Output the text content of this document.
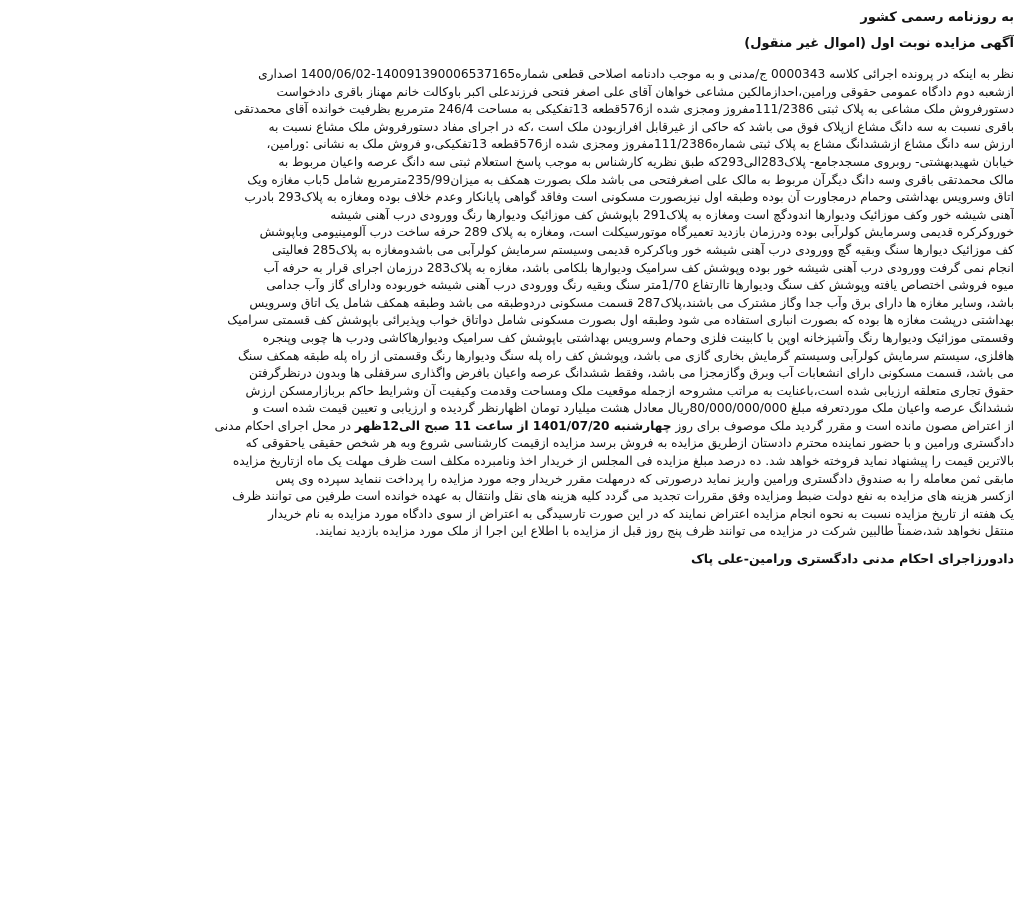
به روزنامه رسمی کشور
آگهی مزایده نوبت اول (اموال غیر منقول)
نظر به اینکه در پرونده اجرائی کلاسه 0000343 ج/مدنی و به موجب دادنامه اصلاحی قطعی شماره140091390006537165-1400/06/02 اصداری
ازشعبه دوم دادگاه عمومی حقوقی ورامین،احدازمالکین مشاعی خواهان آقای علی اصغر فتحی فرزندعلی اکبر باوکالت خانم مهناز باقری دادخواست
دستورفروش ملک مشاعی به پلاک ثبتی 111/2386مفروز ومجزی شده از576قطعه 13تفکیکی به مساحت 246/4 مترمربع بظرفیت خوانده آقای محمدتقی
باقری نسبت به سه دانگ مشاع ازپلاک فوق می باشد که حاکی از غیرقابل افرازبودن ملک است ،که در اجرای مفاد دستورفروش ملک مشاع نسبت به
ارزش سه دانگ مشاع ازششدانگ مشاع به پلاک ثبتی شماره111/2386مفروز ومجزی شده از576قطعه 13تفکیکی،و فروش ملک به نشانی :ورامین،
خیابان شهیدبهشتی- روبروی مسجدجامع- پلاک283الی293که طبق نظریه کارشناس به موجب پاسخ استعلام ثبتی سه دانگ عرصه واعیان مربوط به
مالک محمدتقی باقری وسه دانگ دیگرآن مربوط به مالک علی اصغرفتحی می باشد ملک بصورت همکف به میزان235/99مترمربع شامل 5باب مغازه ویک
اتاق وسرویس بهداشتی وحمام درمجاورت آن بوده وطبقه اول نیزبصورت مسکونی است وفاقد گواهی پایانکار وعدم خلاف بوده ومغازه به پلاک293 بادرب
آهنی شیشه خور وکف موزائیک ودیوارها اندودگچ است ومغازه به پلاک291 باپوشش کف موزائیک ودیوارها رنگ وورودی درب آهنی شیشه
خوروکرکره قدیمی وسرمایش کولرآبی بوده ودرزمان بازدید تعمیرگاه موتورسیکلت است، ومغازه به پلاک 289 حرفه ساخت درب آلومینیومی وباپوشش
کف موزائیک دیوارها سنگ وبقیه گچ وورودی درب آهنی شیشه خور وباکرکره قدیمی وسیستم سرمایش کولرآبی می باشدومغازه به پلاک285 فعالیتی
انجام نمی گرفت وورودی درب آهنی شیشه خور بوده وپوشش کف سرامیک ودیوارها بلکامی باشد، مغازه به پلاک283 درزمان اجرای قرار به حرفه آب
میوه فروشی اختصاص یافته وپوشش کف سنگ ودیوارها تاارتفاع 1/70متر سنگ وبقیه رنگ وورودی درب آهنی شیشه خوربوده ودارای گاز وآب جدامی
باشد، وسایر مغازه ها دارای برق وآب جدا وگاز مشترک می باشند،پلاک287 قسمت مسکونی دردوطبقه می باشد وطبقه همکف شامل یک اتاق وسرویس
بهداشتی درپشت مغازه ها بوده که بصورت انباری استفاده می شود وطبقه اول بصورت مسکونی شامل دواتاق خواب وپذیرائی باپوشش کف قسمتی سرامیک
وقسمتی موزائیک ودیوارها رنگ وآشپزخانه اوپن با کابینت فلزی وحمام وسرویس بهداشتی باپوشش کف سرامیک ودیوارهاکاشی ودرب ها چوبی وپنجره
هافلزی، سیستم سرمایش کولرآبی وسیستم گرمایش بخاری گازی می باشد، وپوشش کف راه پله سنگ ودیوارها رنگ وقسمتی از راه پله طبقه همکف سنگ
می باشد، قسمت مسکونی دارای انشعابات آب وبرق وگازمجزا می باشد، وفقط ششدانگ عرصه واعیان بافرض واگذاری سرقفلی ها وبدون درنظرگرفتن
حقوق تجاری متعلقه ارزیابی شده است،باعنایت به مراتب مشروحه ازجمله موقعیت ملک ومساحت وقدمت وکیفیت آن وشرایط حاکم بربازارمسکن ارزش
ششدانگ عرصه واعیان ملک موردتعرفه مبلغ 80/000/000/000ریال معادل هشت میلیارد تومان اظهارنظر گردیده و ارزیابی و تعیین قیمت شده است و
از اعتراض مصون مانده است و مقرر گردید ملک موصوف برای روز چهارشنبه 1401/07/20 از ساعت 11 صبح الی12ظهر در محل اجرای احکام مدنی
دادگستری ورامین و با حضور نماینده محترم دادستان ازطریق مزایده به فروش برسد مزایده ازقیمت کارشناسی شروع وبه هر شخص حقیقی یاحقوقی که
بالاترین قیمت را پیشنهاد نماید فروخته خواهد شد. ده درصد مبلغ مزایده فی المجلس از خریدار اخذ ونامبرده مکلف است ظرف مهلت یک ماه ازتاریخ مزایده
مابقی ثمن معامله را به صندوق دادگستری ورامین واریز نماید درصورتی که درمهلت مقرر خریدار وجه مورد مزایده را پرداخت ننماید سپرده وی پس
ازکسر هزینه های مزایده به نفع دولت ضبط ومزایده وفق مقررات تجدید می گردد کلیه هزینه های نقل وانتقال به عهده خوانده است طرفین می توانند ظرف
یک هفته از تاریخ مزایده نسبت به نحوه انجام مزایده اعتراض نمایند که در این صورت تارسیدگی به اعتراض از سوی دادگاه مورد مزایده به نام خریدار
منتقل نخواهد شد،ضمناً طالبین شرکت در مزایده می توانند ظرف پنج روز قبل از مزایده با اطلاع این اجرا از ملک مورد مزایده بازدید نمایند.
دادورزاجرای احکام مدنی دادگستری ورامین-علی پاک
